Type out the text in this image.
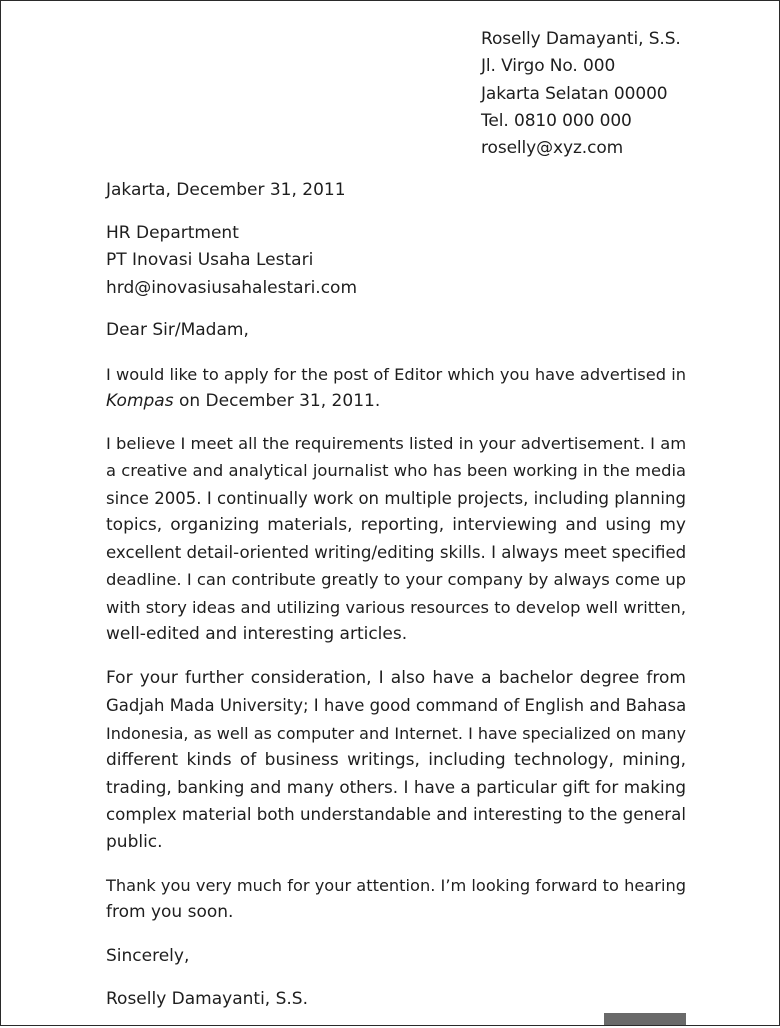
Roselly Damayanti, S.S.
Jl. Virgo No. 000
Jakarta Selatan 00000
Tel. 0810 000 000
roselly@xyz.com
Jakarta, December 31, 2011
HR Department
PT Inovasi Usaha Lestari
hrd@inovasiusahalestari.com
Dear Sir/Madam,
I would like to apply for the post of Editor which you have advertised in
Kompas on December 31, 2011.
I believe I meet all the requirements listed in your advertisement. I am
a creative and analytical journalist who has been working in the media
since 2005. I continually work on multiple projects, including planning
topics, organizing materials, reporting, interviewing and using my
excellent detail-oriented writing/editing skills. I always meet specified
deadline. I can contribute greatly to your company by always come up
with story ideas and utilizing various resources to develop well written,
well-edited and interesting articles.
For your further consideration, I also have a bachelor degree from
Gadjah Mada University; I have good command of English and Bahasa
Indonesia, as well as computer and Internet. I have specialized on many
different kinds of business writings, including technology, mining,
trading, banking and many others. I have a particular gift for making
complex material both understandable and interesting to the general
public.
Thank you very much for your attention. I’m looking forward to hearing
from you soon.
Sincerely,
Roselly Damayanti, S.S.
